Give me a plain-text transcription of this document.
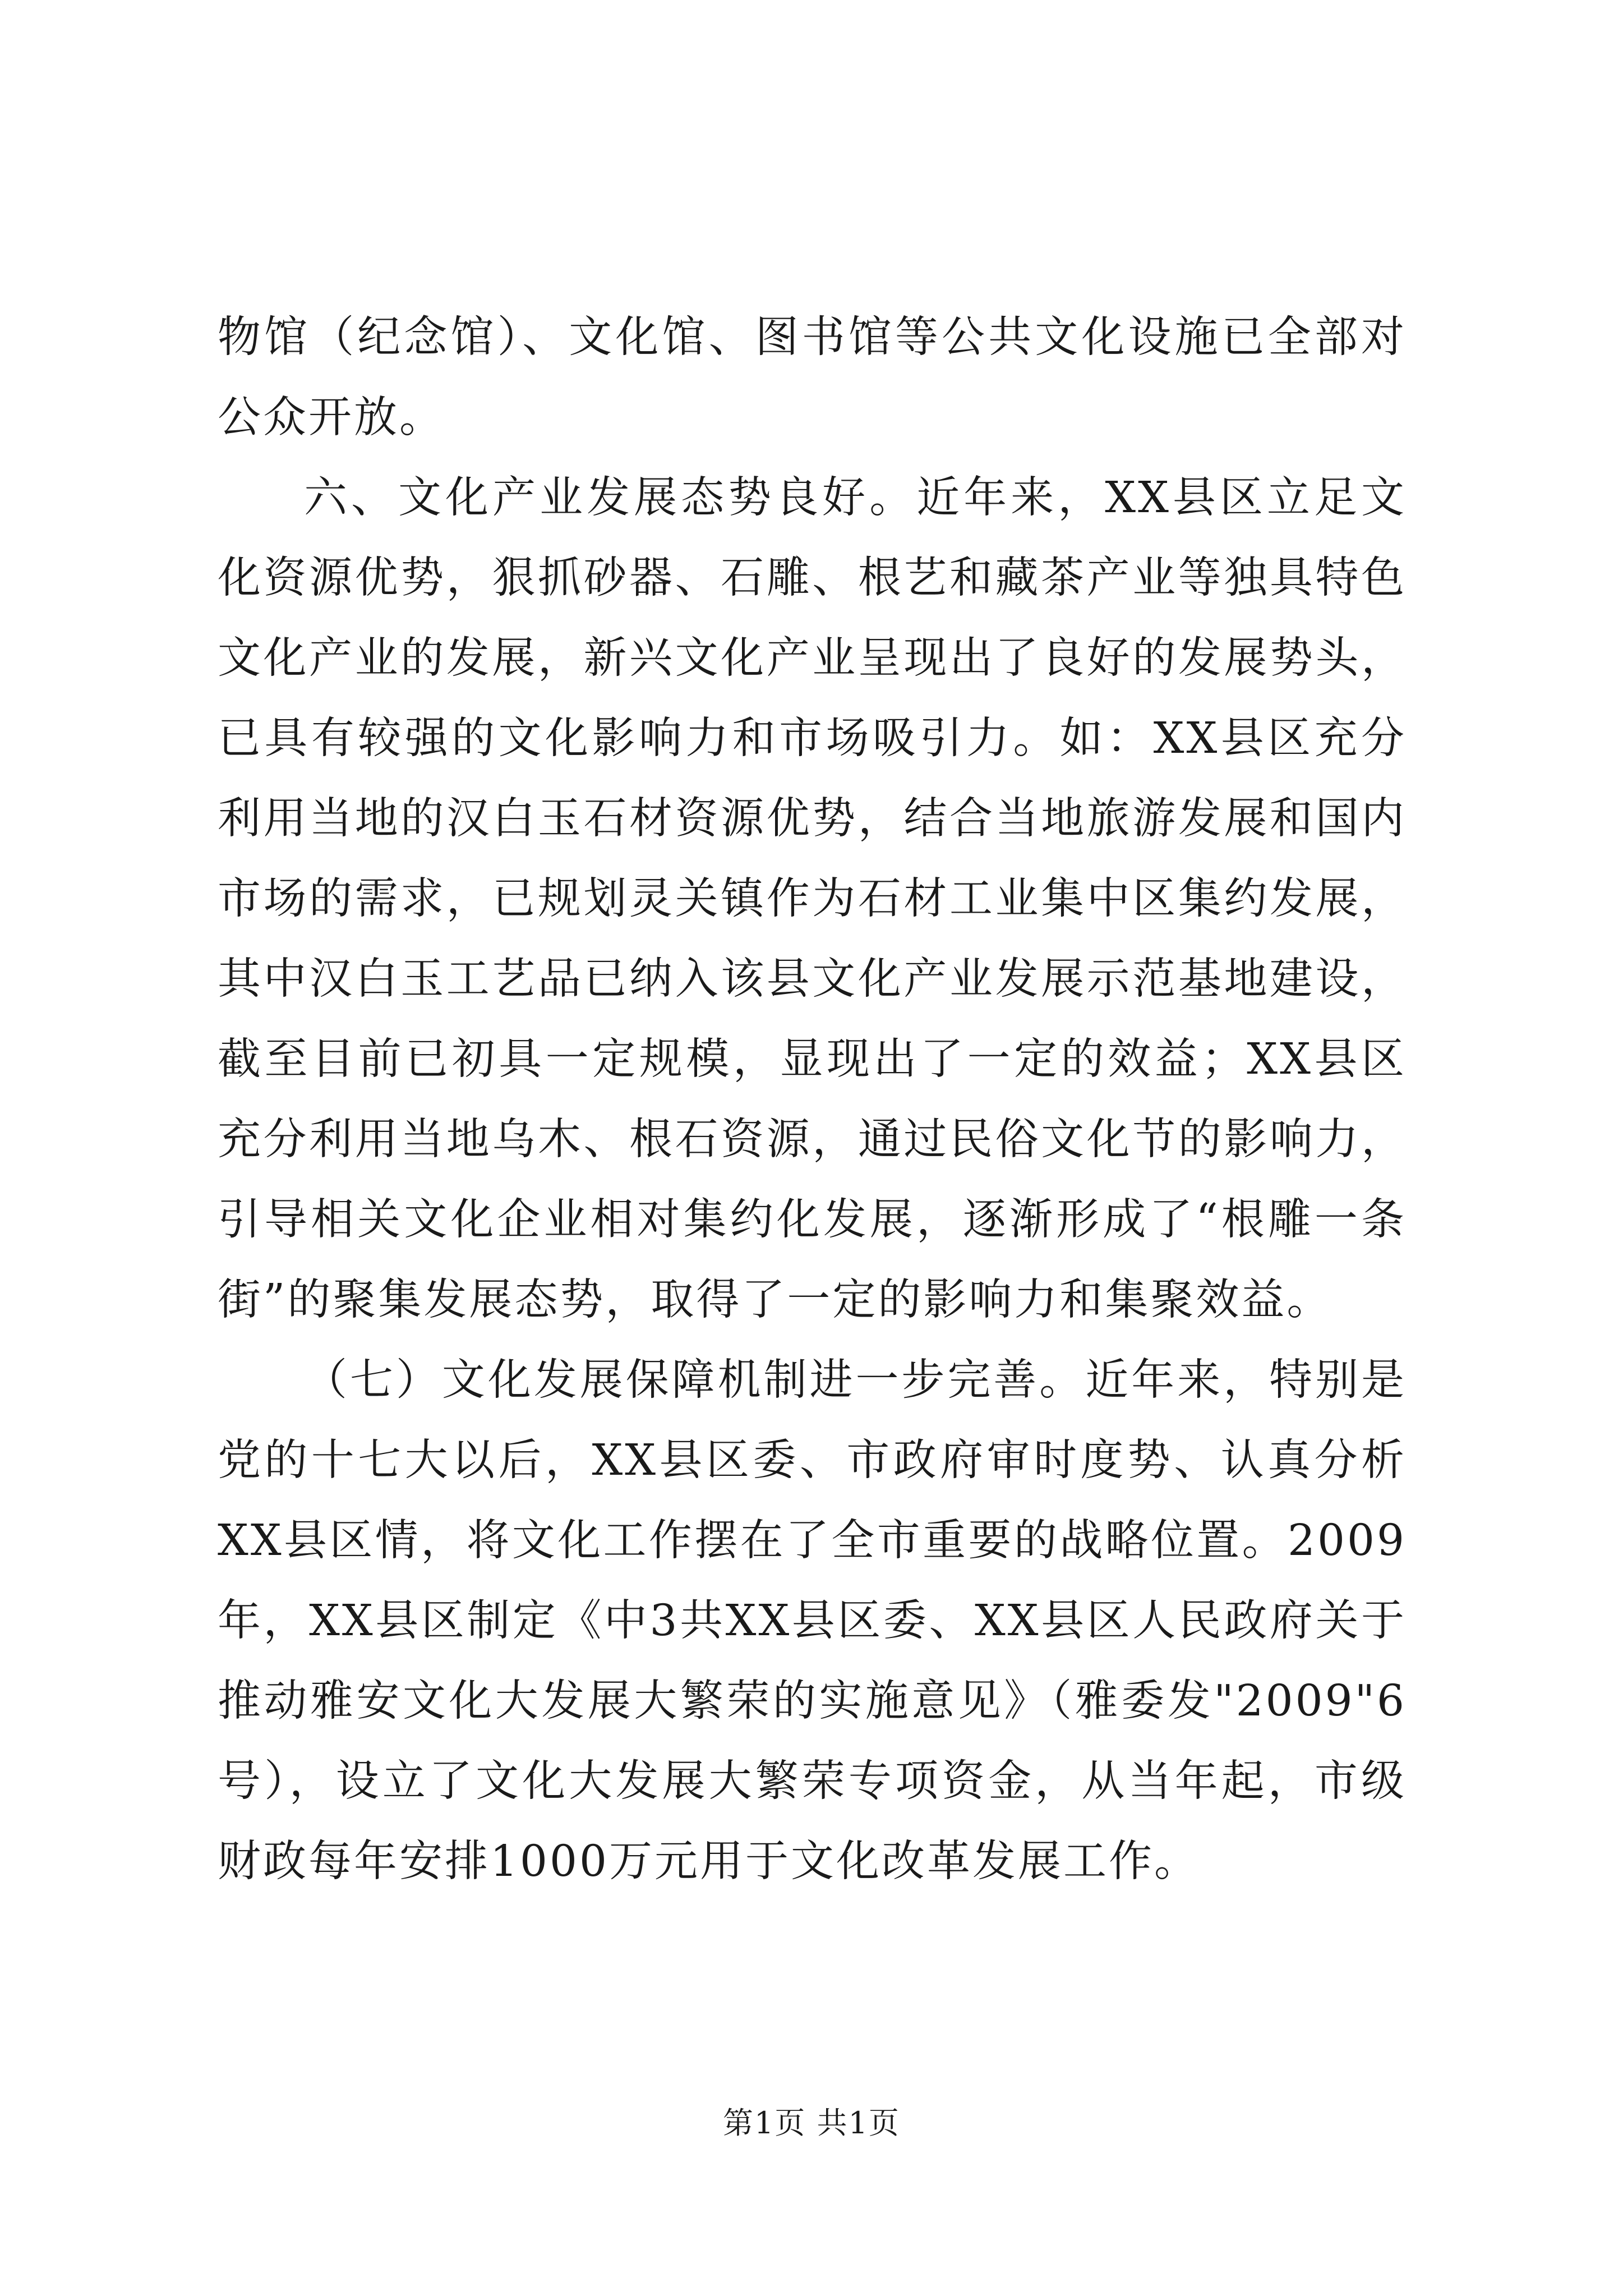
物馆（纪念馆）、文化馆、图书馆等公共文化设施已全部对公众开放。

六、文化产业发展态势良好。近年来，XX县区立足文化资源优势，狠抓砂器、石雕、根艺和藏茶产业等独具特色文化产业的发展，新兴文化产业呈现出了良好的发展势头，已具有较强的文化影响力和市场吸引力。如：XX县区充分利用当地的汉白玉石材资源优势，结合当地旅游发展和国内市场的需求，已规划灵关镇作为石材工业集中区集约发展，其中汉白玉工艺品已纳入该县文化产业发展示范基地建设，截至目前已初具一定规模，显现出了一定的效益；XX县区充分利用当地乌木、根石资源，通过民俗文化节的影响力，引导相关文化企业相对集约化发展，逐渐形成了“根雕一条街”的聚集发展态势，取得了一定的影响力和集聚效益。

（七）文化发展保障机制进一步完善。近年来，特别是党的十七大以后，XX县区委、市政府审时度势、认真分析XX县区情，将文化工作摆在了全市重要的战略位置。2009年，XX县区制定《中3共XX县区委、XX县区人民政府关于推动雅安文化大发展大繁荣的实施意见》（雅委发"2009"6号），设立了文化大发展大繁荣专项资金，从当年起，市级财政每年安排1000万元用于文化改革发展工作。

第1页 共1页
